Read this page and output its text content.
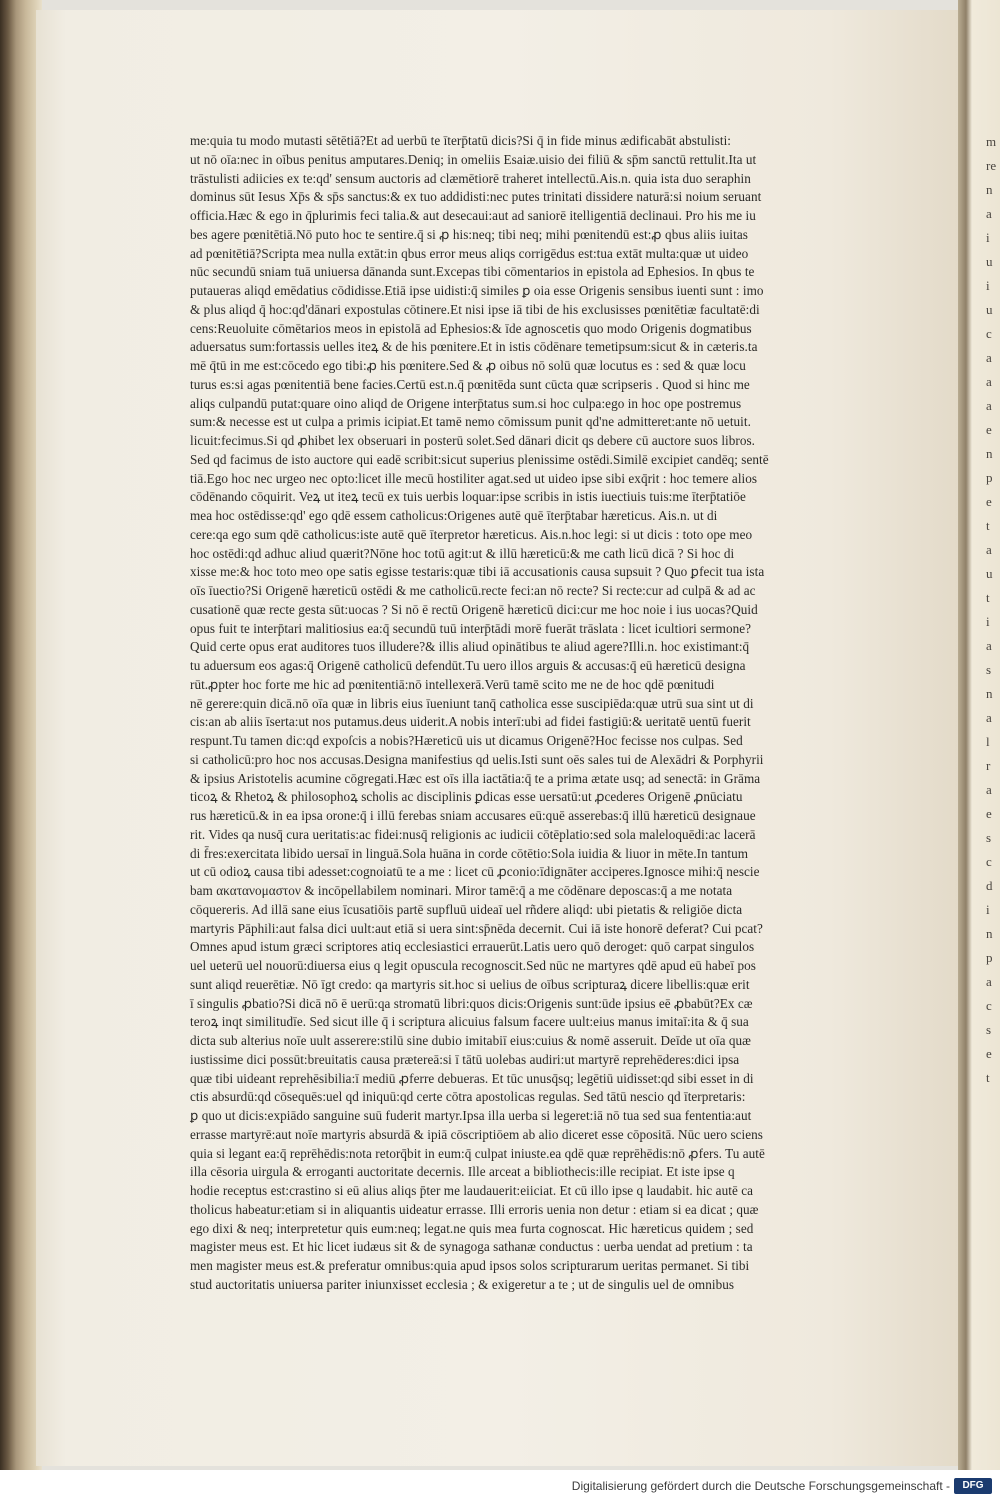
m
re
n
a
i
u
i
u
c
a
a
a
e
n
p
e
t
a
u
t
i
a
s
n
a
l
r
a
e
s
c
d
i
n
p
a
c
s
e
t
me:quia tu modo mutasti sētētiā?Et ad uerbū te īterp̄tatū dicis?Si q̄ in fide minus ædificabāt abstulisti:
ut nō oīa:nec in oībus penitus amputares.Deniq; in omeliis Esaiæ.uisio dei filiū & sp̄m sanctū rettulit.Ita ut
trāstulisti adiicies ex te:qd' sensum auctoris ad clæmētiorē traheret intellectū.Ais.n. quia ista duo seraphin
dominus sūt Iesus Xp̄s & sp̄s sanctus:& ex tuo addidisti:nec putes trinitati dissidere naturā:si noium seruant
officia.Hæc & ego in q̄plurimis feci talia.& aut desecaui:aut ad saniorē itelligentiā declinaui. Pro his me iu
bes agere pœnitētiā.Nō puto hoc te sentire.q̄ si ꝓ his:neq; tibi neq; mihi pœnitendū est:ꝓ qbus aliis iuitas
ad pœnitētiā?Scripta mea nulla extāt:in qbus error meus aliqs corrigēdus est:tua extāt multa:quæ ut uideo
nūc secundū sniam tuā uniuersa dānanda sunt.Excepas tibi cōmentarios in epistola ad Ephesios. In qbus te
putaueras aliqd emēdatius cōdidisse.Etiā ipse uidisti:q̄ similes ꝑ oia esse Origenis sensibus iuenti sunt : imo
& plus aliqd q̄ hoc:qd'dānari expostulas cōtinere.Et nisi ipse iā tibi de his exclusisses pœnitētiæ facultatē:di
cens:Reuoluite cōmētarios meos in epistolā ad Ephesios:& īde agnoscetis quo modo Origenis dogmatibus
aduersatus sum:fortassis uelles iteꝝ & de his pœnitere.Et in istis cōdēnare temetipsum:sicut & in cæteris.ta
mē q̄tū in me est:cōcedo ego tibi:ꝓ his pœnitere.Sed & ꝓ oibus nō solū quæ locutus es : sed & quæ locu
turus es:si agas pœnitentiā bene facies.Certū est.n.q̄ pœnitēda sunt cūcta quæ scripseris . Quod si hinc me
aliqs culpandū putat:quare oino aliqd de Origene interp̄tatus sum.si hoc culpa:ego in hoc ope postremus
sum:& necesse est ut culpa a primis icipiat.Et tamē nemo cōmissum punit qd'ne admitteret:ante nō uetuit.
licuit:fecimus.Si qd ꝓhibet lex obseruari in posterū solet.Sed dānari dicit qs debere cū auctore suos libros.
Sed qd facimus de isto auctore qui eadē scribit:sicut superius plenissime ostēdi.Similē excipiet candēq; sentē
tiā.Ego hoc nec urgeo nec opto:licet ille mecū hostiliter agat.sed ut uideo ipse sibi exq̄rit : hoc temere alios
cōdēnando cōquirit. Veꝝ ut iteꝝ tecū ex tuis uerbis loquar:ipse scribis in istis iuectiuis tuis:me īterp̄tatiōe
mea hoc ostēdisse:qd' ego qdē essem catholicus:Origenes autē quē īterp̄tabar hæreticus. Ais.n. ut di
cere:qa ego sum qdē catholicus:iste autē quē īterpretor hæreticus. Ais.n.hoc legi: si ut dicis : toto ope meo
hoc ostēdi:qd adhuc aliud quærit?Nōne hoc totū agit:ut & illū hæreticū:& me cath licū dicā ? Si hoc di
xisse me:& hoc toto meo ope satis egisse testaris:quæ tibi iā accusationis causa supsuit ? Quo ꝑfecit tua ista
oīs īuectio?Si Origenē hæreticū ostēdi & me catholicū.recte feci:an nō recte? Si recte:cur ad culpā & ad ac
cusationē quæ recte gesta sūt:uocas ? Si nō ē rectū Origenē hæreticū dici:cur me hoc noie i ius uocas?Quid
opus fuit te interp̄tari malitiosius ea:q̄ secundū tuū interp̄tādi morē fuerāt trāslata : licet icultiori sermone?
Quid certe opus erat auditores tuos illudere?& illis aliud opinātibus te aliud agere?Illi.n. hoc existimant:q̄
tu aduersum eos agas:q̄ Origenē catholicū defendūt.Tu uero illos arguis & accusas:q̄ eū hæreticū designa
rūt.ꝓpter hoc forte me hic ad pœnitentiā:nō intellexerā.Verū tamē scito me ne de hoc qdē pœnitudi
nē gerere:quin dicā.nō oīa quæ in libris eius īueniunt tanq̄ catholica esse suscipiēda:quæ utrū sua sint ut di
cis:an ab aliis īserta:ut nos putamus.deus uiderit.A nobis interī:ubi ad fidei fastigiū:& ueritatē uentū fuerit
respunt.Tu tamen dic:qd expoſcis a nobis?Hæreticū uis ut dicamus Origenē?Hoc fecisse nos culpas. Sed
si catholicū:pro hoc nos accusas.Designa manifestius qd uelis.Isti sunt oēs sales tui de Alexādri & Porphyrii
& ipsius Aristotelis acumine cōgregati.Hæc est oīs illa iactātia:q̄ te a prima ætate usq; ad senectā: in Grāma
ticoꝝ & Rhetoꝝ & philosophoꝝ scholis ac disciplinis ꝑdicas esse uersatū:ut ꝓcederes Origenē ꝓnūciatu
rus hæreticū.& in ea ipsa orone:q̄ i illū ferebas sniam accusares eū:quē asserebas:q̄ illū hæreticū designaue
rit. Vides qa nusq̄ cura ueritatis:ac fidei:nusq̄ religionis ac iudicii cōtēplatio:sed sola maleloquēdi:ac lacerā
di f̄res:exercitata libido uersaī in linguā.Sola huāna in corde cōtētio:Sola iuidia & liuor in mēte.In tantum
ut cū odioꝝ causa tibi adesset:cognoiatū te a me : licet cū ꝓconio:īdignāter acciperes.Ignosce mihi:q̄ nescie
bam ακατανομαστον & incōpellabilem nominari. Miror tamē:q̄ a me cōdēnare deposcas:q̄ a me notata
cōquereris. Ad illā sane eius īcusatiōis partē supfluū uideaī uel rñdere aliqd: ubi pietatis & religiōe dicta
martyris Pāphili:aut falsa dici uult:aut etiā si uera sint:sp̄nēda decernit. Cui iā iste honorē deferat? Cui pcat?
Omnes apud istum græci scriptores atiq ecclesiastici errauerūt.Latis uero quō deroget: quō carpat singulos
uel ueterū uel nouorū:diuersa eius q legit opuscula recognoscit.Sed nūc ne martyres qdē apud eū habeī pos
sunt aliqd reuerētiæ. Nō īgt credo: qa martyris sit.hoc si uelius de oībus scripturaꝝ dicere libellis:quæ erit
ī singulis ꝓbatio?Si dicā nō ē uerū:qa stromatū libri:quos dicis:Origenis sunt:ūde ipsius eē ꝓbabūt?Ex cæ
teroꝝ inqt similitudīe. Sed sicut ille q̄ i scriptura alicuius falsum facere uult:eius manus imitaī:ita & q̄ sua
dicta sub alterius noīe uult asserere:stilū sine dubio imitabiī eius:cuius & nomē asseruit. Deīde ut oīa quæ
iustissime dici possūt:breuitatis causa prætereā:si ī tātū uolebas audiri:ut martyrē reprehēderes:dici ipsa
quæ tibi uideant reprehēsibilia:ī mediū ꝓferre debueras. Et tūc unusq̄sq; legētiū uidisset:qd sibi esset in di
ctis absurdū:qd cōsequēs:uel qd iniquū:qd certe cōtra apostolicas regulas. Sed tātū nescio qd īterpretaris:
ꝑ quo ut dicis:expiādo sanguine suū fuderit martyr.Ipsa illa uerba si legeret:iā nō tua sed sua fententia:aut
errasse martyrē:aut noīe martyris absurdā & ipiā cōscriptiōem ab alio diceret esse cōpositā. Nūc uero sciens
quia si legant ea:q̄ reprēhēdis:nota retorq̄bit in eum:q̄ culpat iniuste.ea qdē quæ reprēhēdis:nō ꝓfers. Tu autē
illa cēsoria uirgula & erroganti auctoritate decernis. Ille arceat a bibliothecis:ille recipiat. Et iste ipse q
hodie receptus est:crastino si eū alius aliqs p̄ter me laudauerit:eiiciat. Et cū illo ipse q laudabit. hic autē ca
tholicus habeatur:etiam si in aliquantis uideatur errasse. Illi erroris uenia non detur : etiam si ea dicat ; quæ
ego dixi & neq; interpretetur quis eum:neq; legat.ne quis mea furta cognoscat. Hic hæreticus quidem ; sed
magister meus est. Et hic licet iudæus sit & de synagoga sathanæ conductus : uerba uendat ad pretium : ta
men magister meus est.& preferatur omnibus:quia apud ipsos solos scripturarum ueritas permanet. Si tibi
stud auctoritatis uniuersa pariter iniunxisset ecclesia ; & exigeretur a te ; ut de singulis uel de omnibus
Digitalisierung gefördert durch die Deutsche Forschungsgemeinschaft -	DFG
